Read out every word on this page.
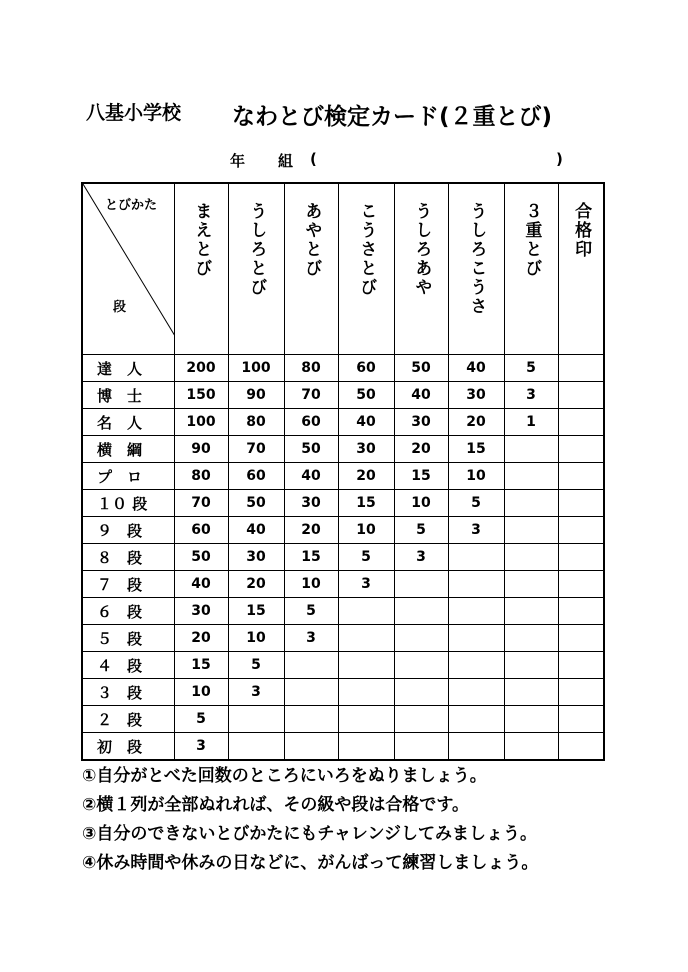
八基小学校 なわとび検定カード(２重とび)
年 組 (	)
とびかた
段	まえとび	うしろとび	あやとび	こうさとび	うしろあや	うしろこうさ	３重とび	合格印

達　人	200	100	80	60	50	40	5	
博　士	150	90	70	50	40	30	3	
名　人	100	80	60	40	30	20	1	
横　綱	90	70	50	30	20	15		
プ　ロ	80	60	40	20	15	10		
１０ 段	70	50	30	15	10	5		
９　段	60	40	20	10	5	3		
８　段	50	30	15	5	3			
７　段	40	20	10	3				
６　段	30	15	5					
５　段	20	10	3					
４　段	15	5						
３　段	10	3						
２　段	5							
初　段	3							

①自分がとべた回数のところにいろをぬりましょう。

②横１列が全部ぬれれば、その級や段は合格です。

③自分のできないとびかたにもチャレンジしてみましょう。

④休み時間や休みの日などに、がんばって練習しましょう。
